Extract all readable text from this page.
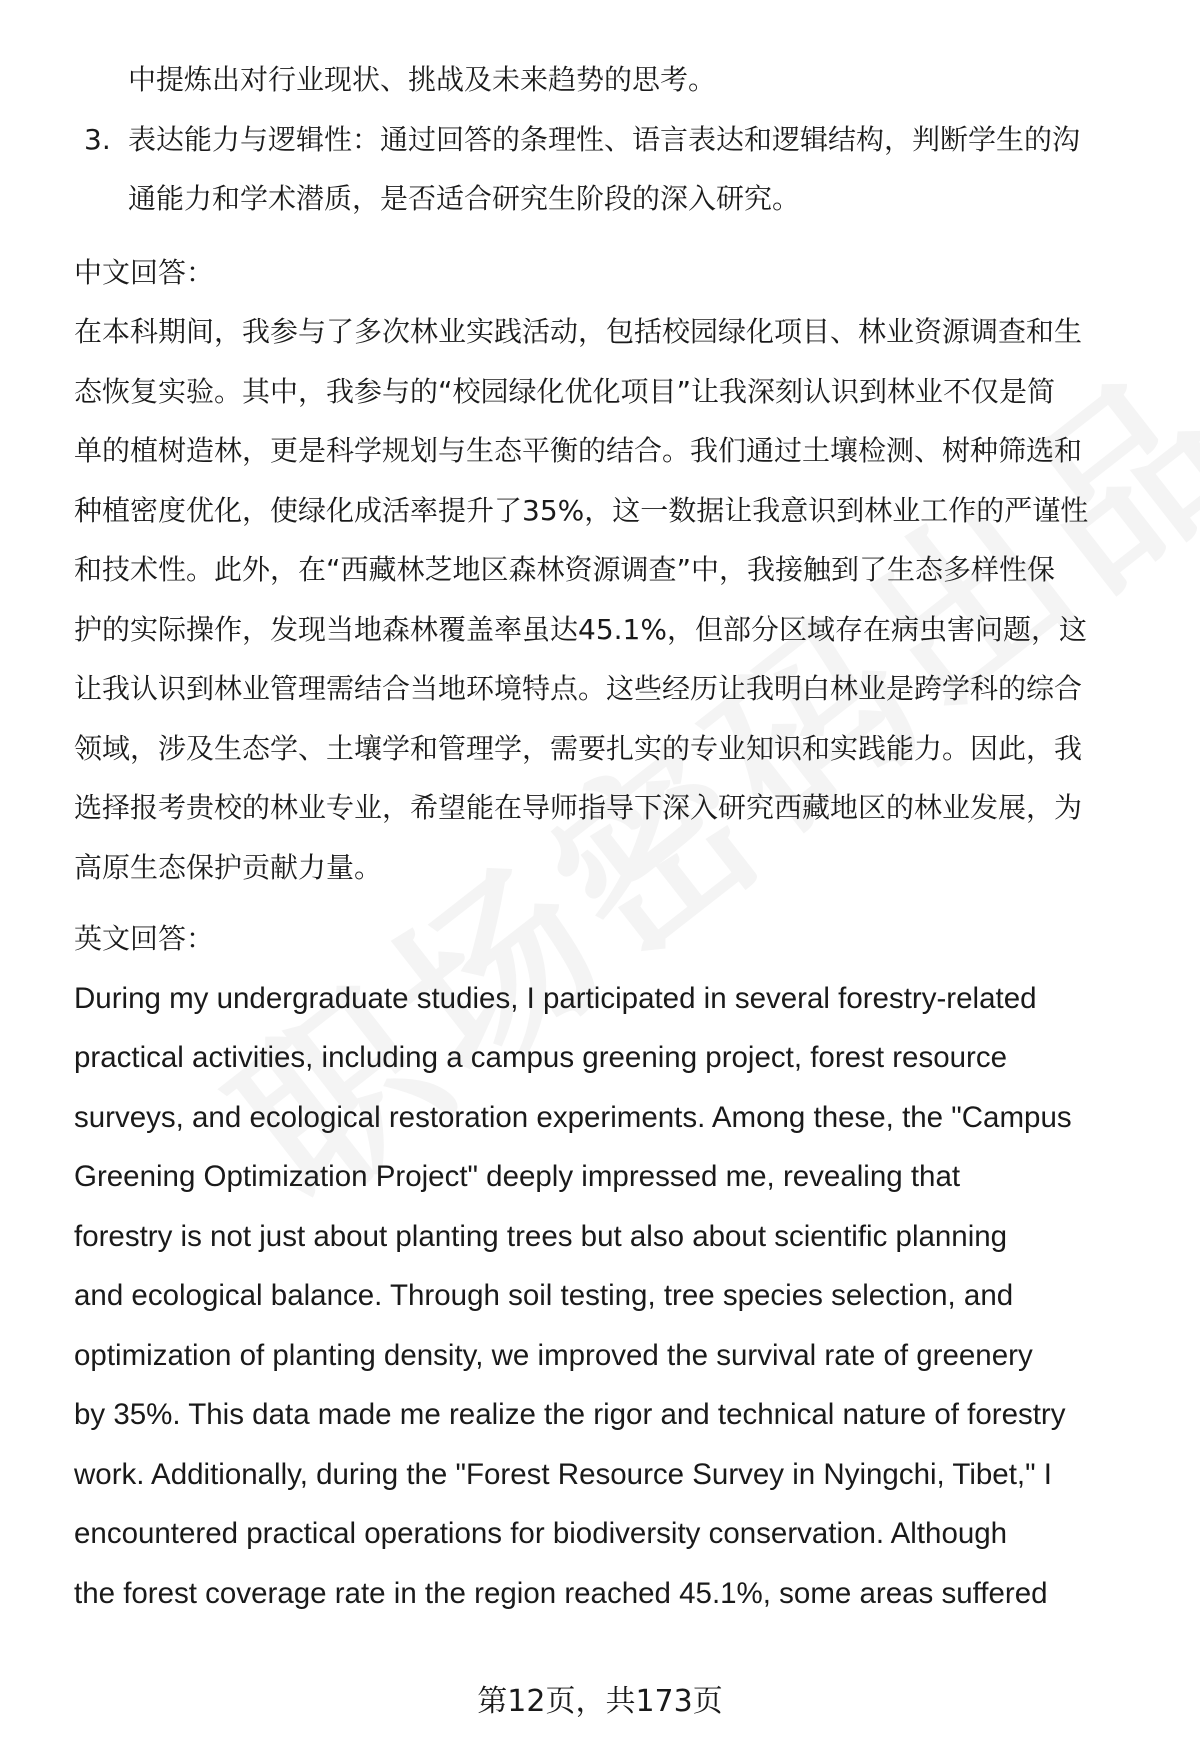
中提炼出对行业现状、挑战及未来趋势的思考。

3. 表达能力与逻辑性：通过回答的条理性、语言表达和逻辑结构，判断学生的沟
通能力和学术潜质，是否适合研究生阶段的深入研究。
中文回答：
在本科期间，我参与了多次林业实践活动，包括校园绿化项目、林业资源调查和生
态恢复实验。其中，我参与的“校园绿化优化项目”让我深刻认识到林业不仅是简
单的植树造林，更是科学规划与生态平衡的结合。我们通过土壤检测、树种筛选和
种植密度优化，使绿化成活率提升了35%，这一数据让我意识到林业工作的严谨性
和技术性。此外，在“西藏林芝地区森林资源调查”中，我接触到了生态多样性保
护的实际操作，发现当地森林覆盖率虽达45.1%，但部分区域存在病虫害问题，这
让我认识到林业管理需结合当地环境特点。这些经历让我明白林业是跨学科的综合
领域，涉及生态学、土壤学和管理学，需要扎实的专业知识和实践能力。因此，我
选择报考贵校的林业专业，希望能在导师指导下深入研究西藏地区的林业发展，为
高原生态保护贡献力量。
英文回答：
During my undergraduate studies, I participated in several forestry-related
practical activities, including a campus greening project, forest resource
surveys, and ecological restoration experiments. Among these, the "Campus
Greening Optimization Project" deeply impressed me, revealing that
forestry is not just about planting trees but also about scientific planning
and ecological balance. Through soil testing, tree species selection, and
optimization of planting density, we improved the survival rate of greenery
by 35%. This data made me realize the rigor and technical nature of forestry
work. Additionally, during the "Forest Resource Survey in Nyingchi, Tibet," I
encountered practical operations for biodiversity conservation. Although
the forest coverage rate in the region reached 45.1%, some areas suffered
第12页，共173页
